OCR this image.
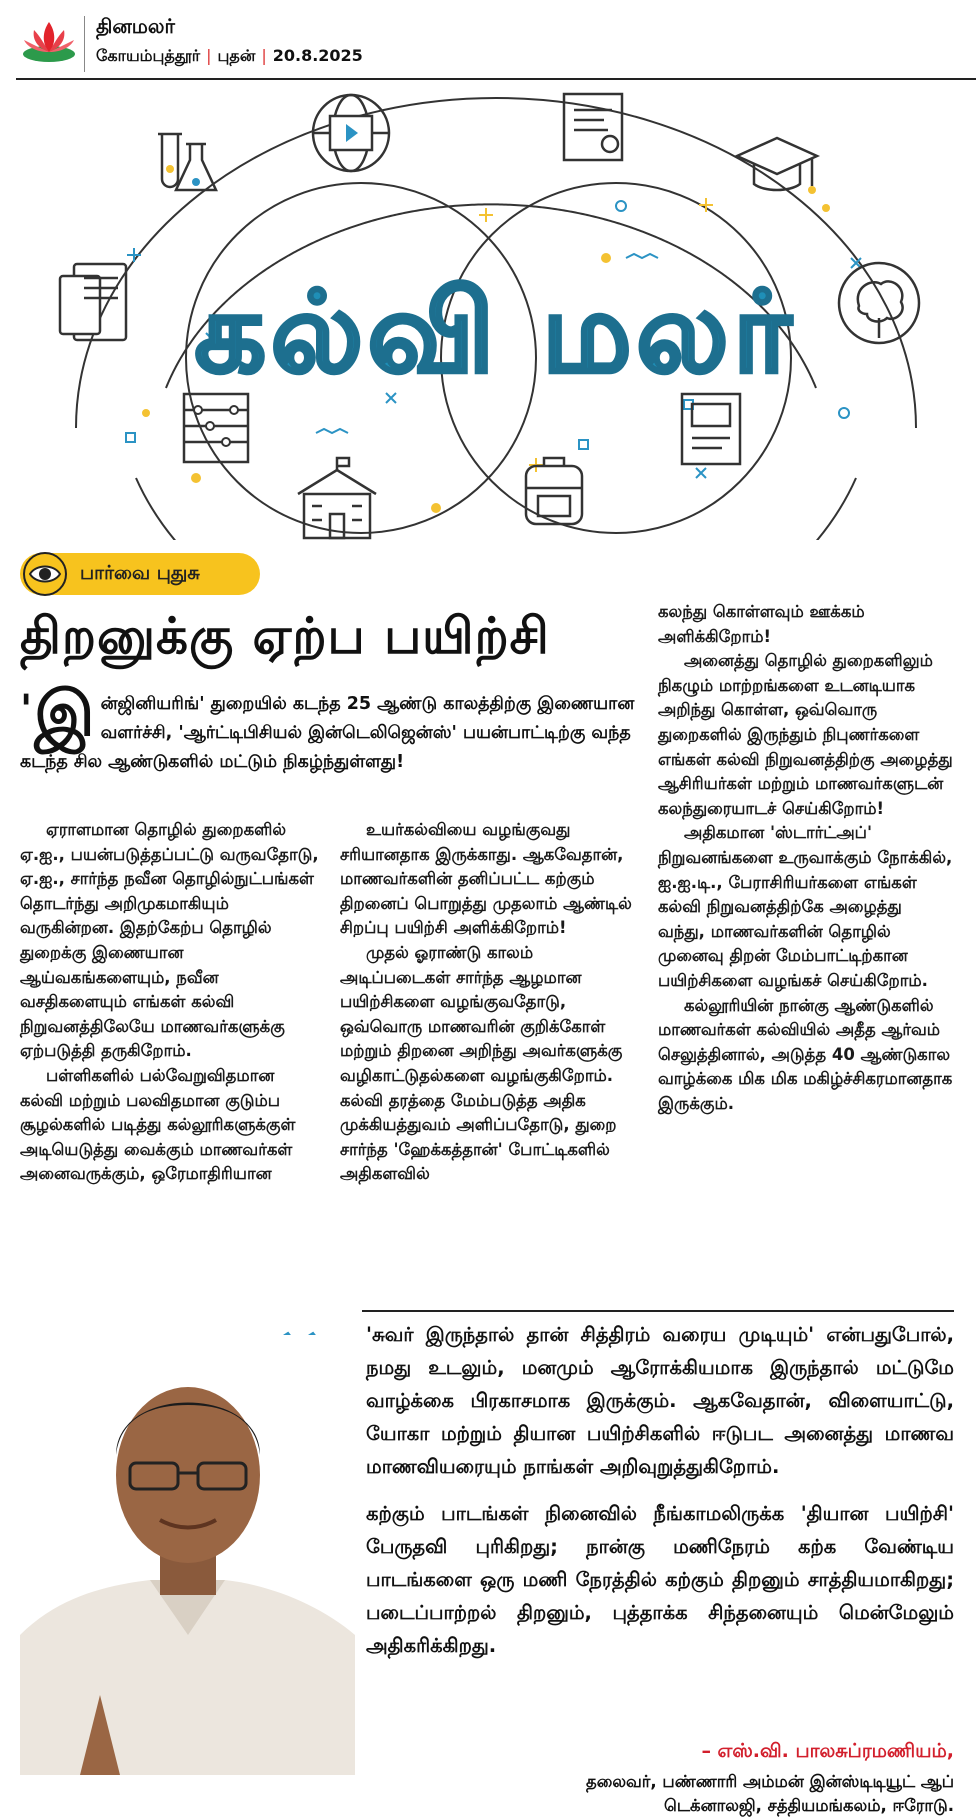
தினமலர்
கோயம்புத்தூர் | புதன் | 20.8.2025
கல்வி மலர்
பார்வை புதுசு
திறனுக்கு ஏற்ப பயிற்சி
' இ ன்ஜினியரிங்' துறையில் கடந்த 25 ஆண்டு காலத்திற்கு இணையான வளர்ச்சி, 'ஆர்ட்டிபிசியல் இன்டெலிஜென்ஸ்' பயன்பாட்டிற்கு வந்த கடந்த சில ஆண்டுகளில் மட்டும் நிகழ்ந்துள்ளது!

ஏராளமான தொழில் துறைகளில் ஏ.ஐ., பயன்படுத்தப்பட்டு வருவதோடு, ஏ.ஐ., சார்ந்த நவீன தொழில்நுட்பங்கள் தொடர்ந்து அறிமுகமாகியும் வருகின்றன. இதற்கேற்ப தொழில் துறைக்கு இணையான ஆய்வகங்களையும், நவீன வசதிகளையும் எங்கள் கல்வி நிறுவனத்திலேயே மாணவர்களுக்கு ஏற்படுத்தி தருகிறோம்.

பள்ளிகளில் பல்வேறுவிதமான கல்வி மற்றும் பலவிதமான குடும்ப சூழல்களில் படித்து கல்லூரிகளுக்குள் அடியெடுத்து வைக்கும் மாணவர்கள் அனைவருக்கும், ஒரேமாதிரியான

உயர்கல்வியை வழங்குவது சரியானதாக இருக்காது. ஆகவேதான், மாணவர்களின் தனிப்பட்ட கற்கும் திறனைப் பொறுத்து முதலாம் ஆண்டில் சிறப்பு பயிற்சி அளிக்கிறோம்!

முதல் ஓராண்டு காலம் அடிப்படைகள் சார்ந்த ஆழமான பயிற்சிகளை வழங்குவதோடு, ஒவ்வொரு மாணவரின் குறிக்கோள் மற்றும் திறனை அறிந்து அவர்களுக்கு வழிகாட்டுதல்களை வழங்குகிறோம். கல்வி தரத்தை மேம்படுத்த அதிக முக்கியத்துவம் அளிப்பதோடு, துறை சார்ந்த 'ஹேக்கத்தான்' போட்டிகளில் அதிகளவில்

கலந்து கொள்ளவும் ஊக்கம் அளிக்கிறோம்!

அனைத்து தொழில் துறைகளிலும் நிகழும் மாற்றங்களை உடனடியாக அறிந்து கொள்ள, ஒவ்வொரு துறைகளில் இருந்தும் நிபுணர்களை எங்கள் கல்வி நிறுவனத்திற்கு அழைத்து ஆசிரியர்கள் மற்றும் மாணவர்களுடன் கலந்துரையாடச் செய்கிறோம்!

அதிகமான 'ஸ்டார்ட்அப்' நிறுவனங்களை உருவாக்கும் நோக்கில், ஐ.ஐ.டி., பேராசிரியர்களை எங்கள் கல்வி நிறுவனத்திற்கே அழைத்து வந்து, மாணவர்களின் தொழில் முனைவு திறன் மேம்பாட்டிற்கான பயிற்சிகளை வழங்கச் செய்கிறோம்.

கல்லூரியின் நான்கு ஆண்டுகளில் மாணவர்கள் கல்வியில் அதீத ஆர்வம் செலுத்தினால், அடுத்த 40 ஆண்டுகால வாழ்க்கை மிக மிக மகிழ்ச்சிகரமானதாக இருக்கும்.

'சுவர் இருந்தால் தான் சித்திரம் வரைய முடியும்' என்பதுபோல், நமது உடலும், மனமும் ஆரோக்கியமாக இருந்தால் மட்டுமே வாழ்க்கை பிரகாசமாக இருக்கும். ஆகவேதான், விளையாட்டு, யோகா மற்றும் தியான பயிற்சிகளில் ஈடுபட அனைத்து மாணவ மாணவியரையும் நாங்கள் அறிவுறுத்துகிறோம்.

கற்கும் பாடங்கள் நினைவில் நீங்காமலிருக்க 'தியான பயிற்சி' பேருதவி புரிகிறது; நான்கு மணிநேரம் கற்க வேண்டிய பாடங்களை ஒரு மணி நேரத்தில் கற்கும் திறனும் சாத்தியமாகிறது; படைப்பாற்றல் திறனும், புத்தாக்க சிந்தனையும் மென்மேலும் அதிகரிக்கிறது.

– எஸ்.வி. பாலசுப்ரமணியம்,
தலைவர், பண்ணாரி அம்மன் இன்ஸ்டிடியூட் ஆப்
டெக்னாலஜி, சத்தியமங்கலம், ஈரோடு.
